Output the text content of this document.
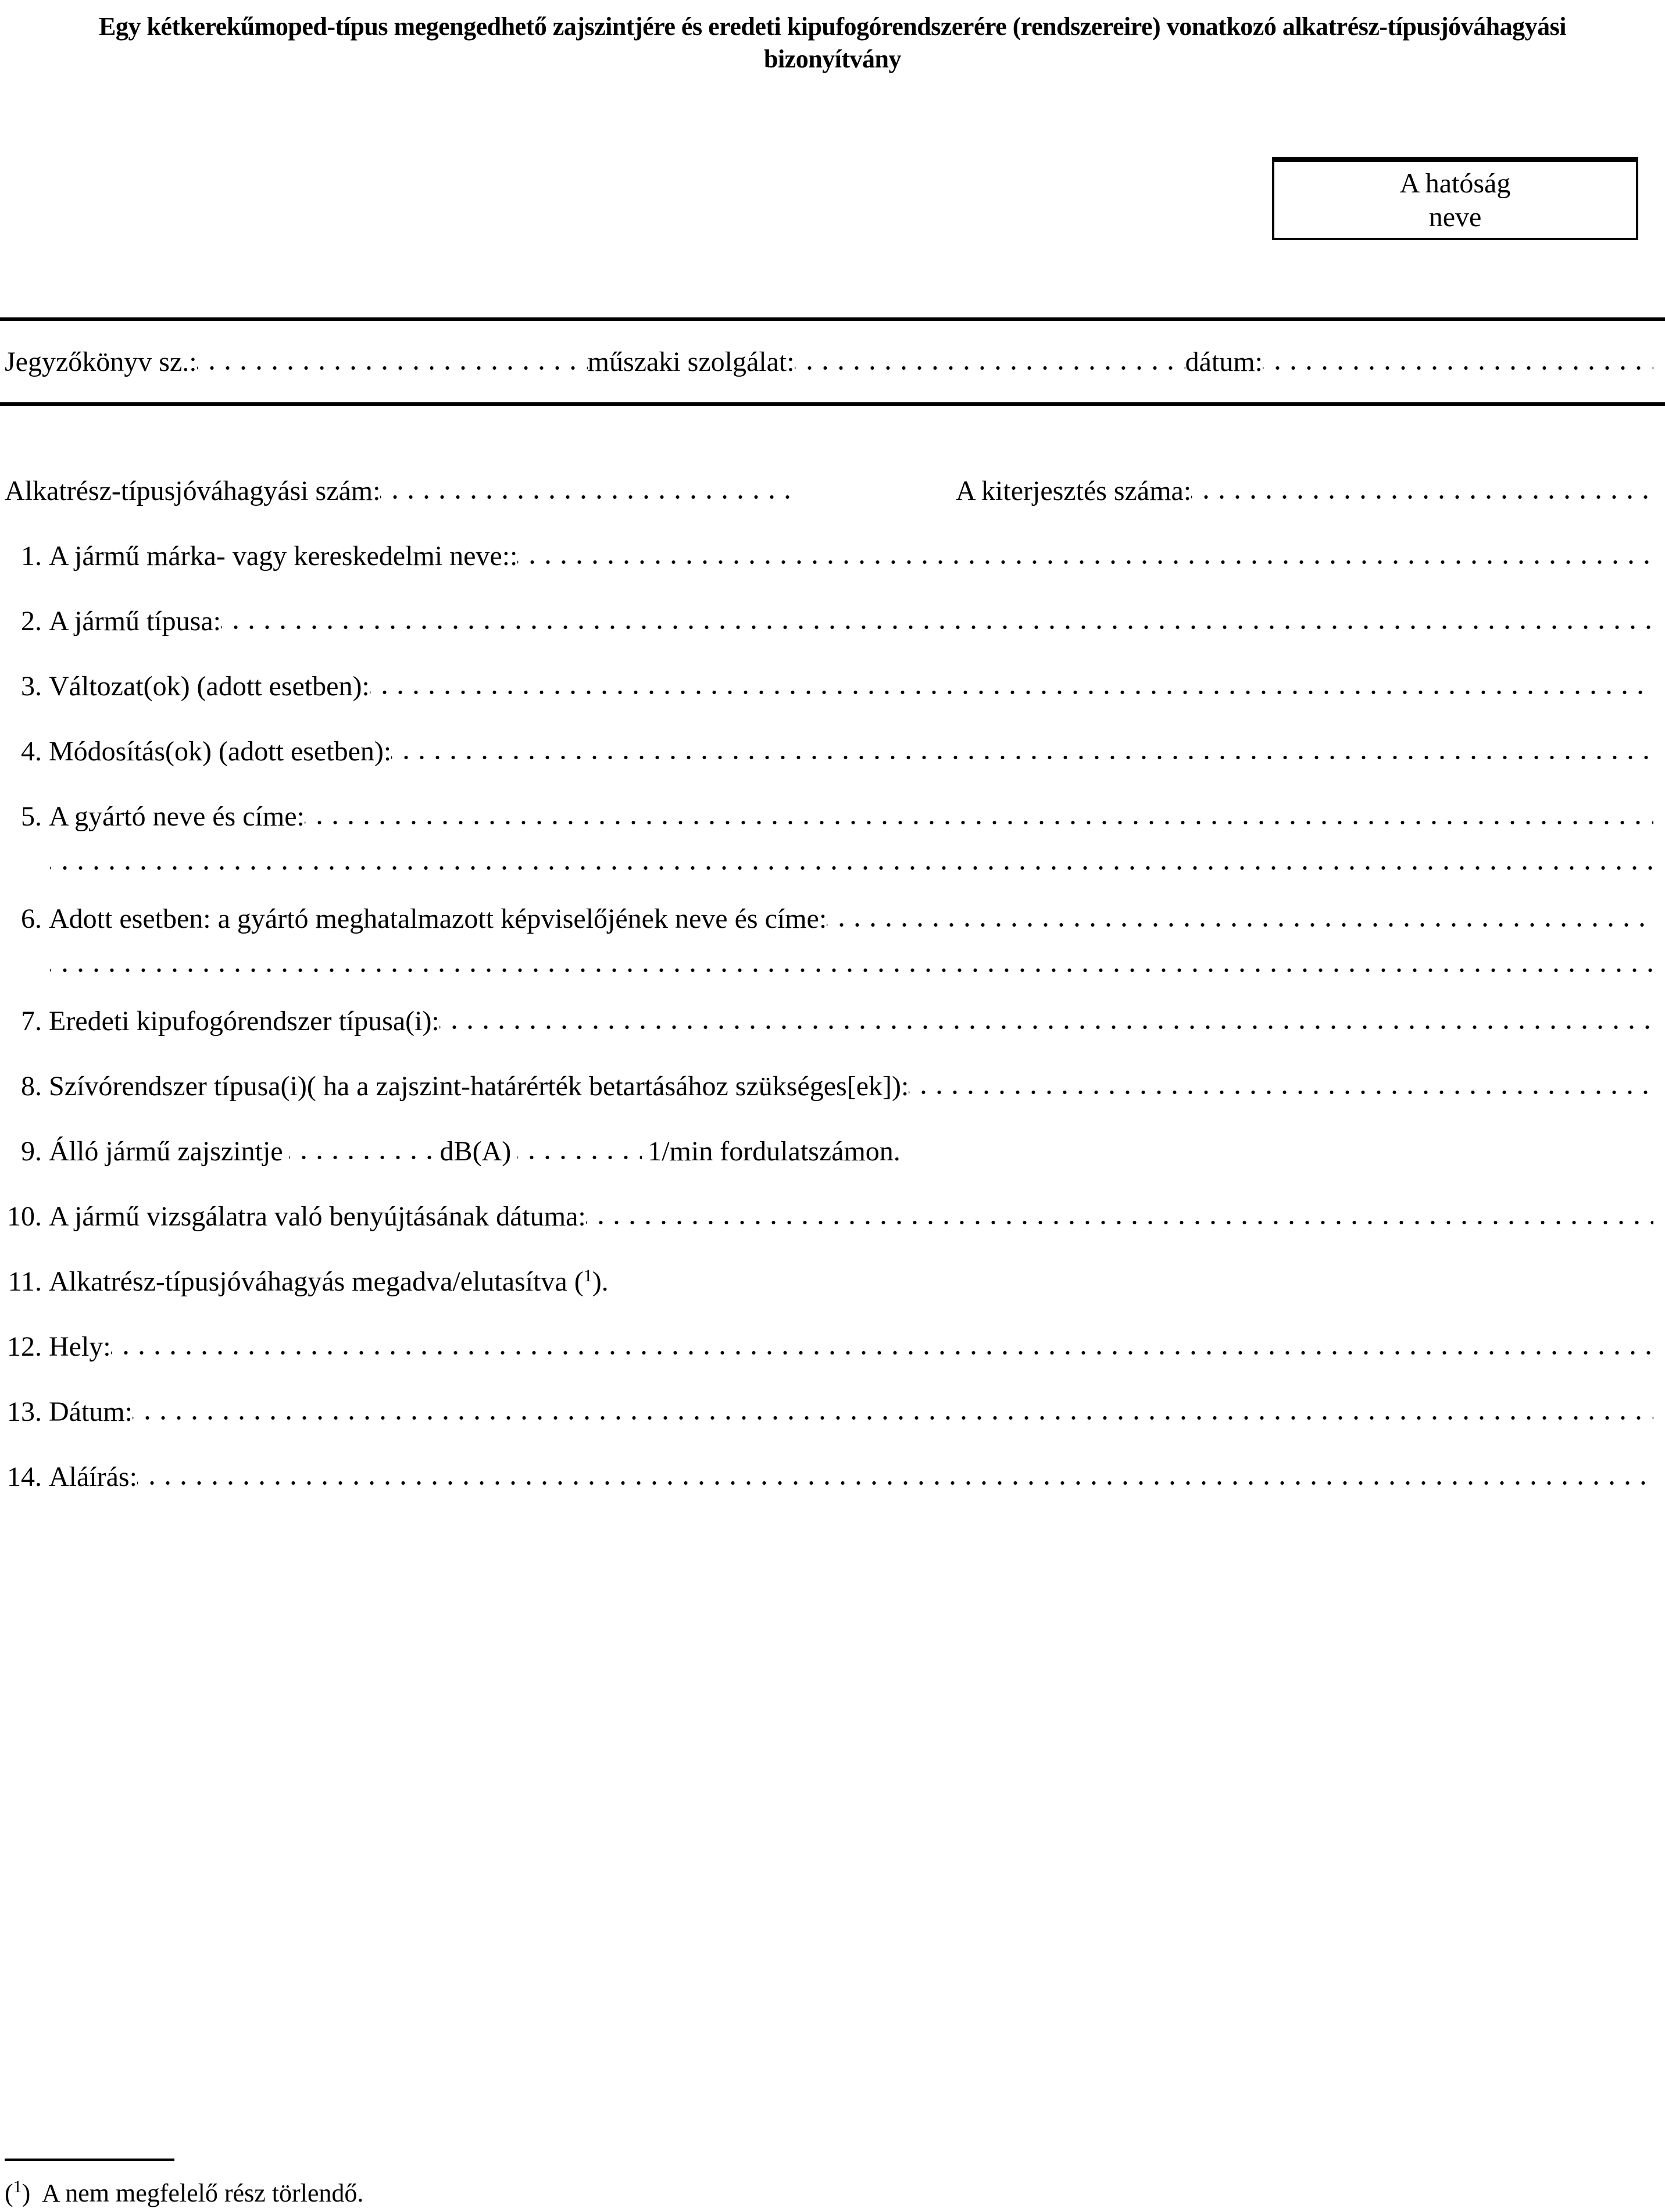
Egy kétkerekűmoped-típus megengedhető zajszintjére és eredeti kipufogórendszerére (rendszereire) vonatkozó alkatrész-típusjóváhagyási
bizonyítvány
A hatóság
neve
Jegyzőkönyv sz.:	műszaki szolgálat:	dátum:
Alkatrész-típusjóváhagyási szám:	A kiterjesztés száma:
1. A jármű márka- vagy kereskedelmi neve::
2. A jármű típusa:
3. Változat(ok) (adott esetben):
4. Módosítás(ok) (adott esetben):
5. A gyártó neve és címe:
6. Adott esetben: a gyártó meghatalmazott képviselőjének neve és címe:
7. Eredeti kipufogórendszer típusa(i):
8. Szívórendszer típusa(i)( ha a zajszint-határérték betartásához szükséges[ek]):
9. Álló jármű zajszintje	dB(A)	1/min fordulatszámon.
10. A jármű vizsgálatra való benyújtásának dátuma:
11. Alkatrész-típusjóváhagyás megadva/elutasítva ( 1 ).
12. Hely:
13. Dátum:
14. Aláírás:
( 1 )  A nem megfelelő rész törlendő.
